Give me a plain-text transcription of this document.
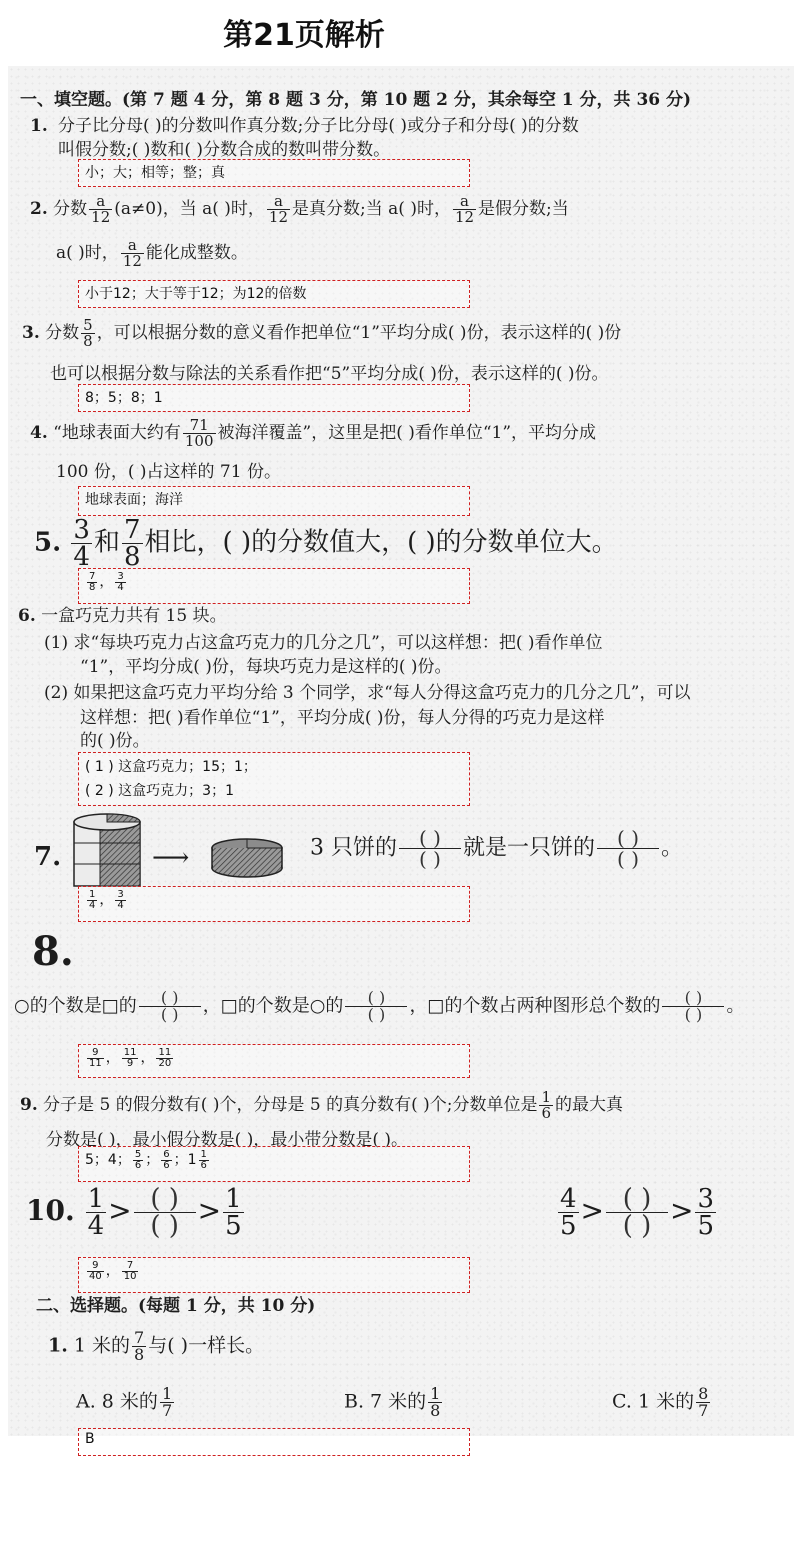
第21页解析
一、填空题。(第 7 题 4 分，第 8 题 3 分，第 10 题 2 分，其余每空 1 分，共 36 分)
1. 分子比分母( )的分数叫作真分数;分子比分母( )或分子和分母( )的分数
叫假分数;( )数和( )分数合成的数叫带分数。
小；大；相等；整；真
2. 分数 $\frac{a}{12} (a\ne 0)$，当 a( )时， $\frac{a}{12}$ 是真分数;当 a( )时， $\frac{a}{12}$ 是假分数;当
a( )时， $\frac{a}{12}$ 能化成整数。
小于12；大于等于12；为12的倍数
3. 分数 $\frac{5}{8}$ ，可以根据分数的意义看作把单位“1”平均分成( )份，表示这样的( )份
也可以根据分数与除法的关系看作把“5”平均分成( )份，表示这样的( )份。
8；5；8；1
4. “地球表面大约有 $\frac{71}{100}$ 被海洋覆盖”，这里是把( )看作单位“1”，平均分成
100 份，( )占这样的 71 份。
地球表面；海洋
5. $\frac{3}{4}$ 和 $\frac{7}{8}$ 相比，( )的分数值大，( )的分数单位大。
$\frac{7}{8}$ ， $\frac{3}{4}$
6. 一盒巧克力共有 15 块。
(1) 求“每块巧克力占这盒巧克力的几分之几”，可以这样想：把( )看作单位
“1”，平均分成( )份，每块巧克力是这样的( )份。
(2) 如果把这盒巧克力平均分给 3 个同学，求“每人分得这盒巧克力的几分之几”，可以
这样想：把( )看作单位“1”，平均分成( )份，每人分得的巧克力是这样
的( )份。
( 1 ) 这盒巧克力；15；1；
( 2 ) 这盒巧克力；3；1
7.	⟶	3 只饼的 $\frac{( )}{( )}$ 就是一只饼的 $\frac{( )}{( )}$ 。
$\frac{1}{4}$ ， $\frac{3}{4}$
8.
○的个数是□的 $\frac{( )}{( )}$ ，□的个数是○的 $\frac{( )}{( )}$ ，□的个数占两种图形总个数的 $\frac{( )}{( )}$ 。
$\frac{9}{11}$ ， $\frac{11}{9}$ ， $\frac{11}{20}$
9. 分子是 5 的假分数有( )个，分母是 5 的真分数有( )个;分数单位是 $\frac{1}{6}$ 的最大真
分数是( )，最小假分数是( )，最小带分数是( )。
5；4； $\frac{5}{6}$ ； $\frac{6}{6}$ ；$1 \frac{1}{6}$
10. $\frac{1}{4} > \frac{( )}{( )} > \frac{1}{5}$	$\frac{4}{5} > \frac{( )}{( )} > \frac{3}{5}$
$\frac{9}{40}$ ， $\frac{7}{10}$
二、选择题。(每题 1 分，共 10 分)
1. 1 米的 $\frac{7}{8}$ 与( )一样长。
A. 8 米的 $\frac{1}{7}$	B. 7 米的 $\frac{1}{8}$	C. 1 米的 $\frac{8}{7}$
B
